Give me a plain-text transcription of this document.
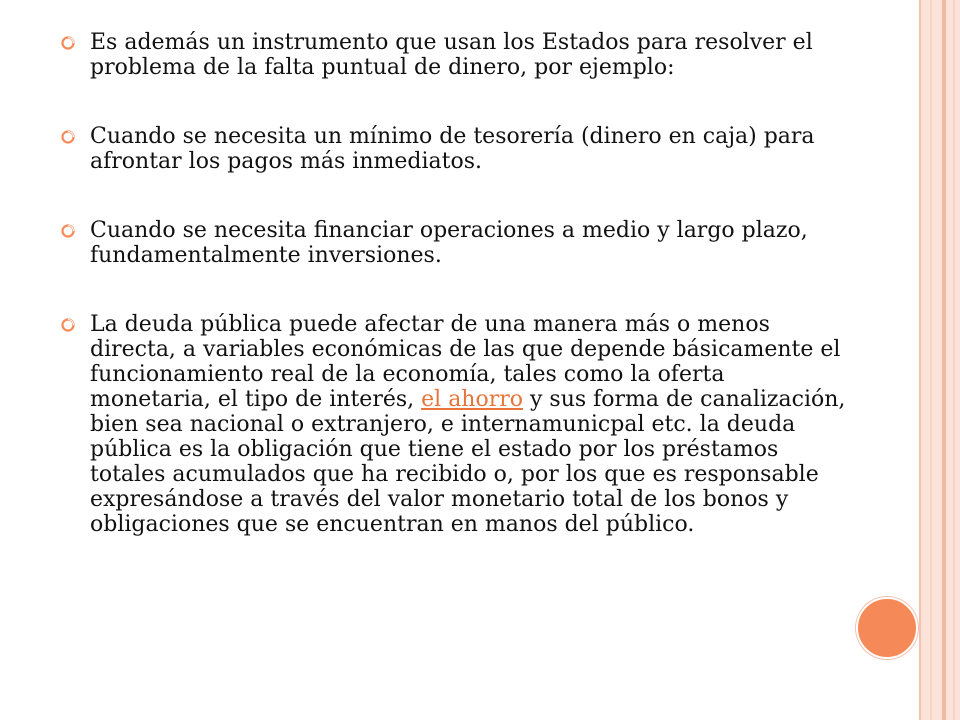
Es además un instrumento que usan los Estados para resolver el problema de la falta puntual de dinero, por ejemplo:
Cuando se necesita un mínimo de tesorería (dinero en caja) para afrontar los pagos más inmediatos.
Cuando se necesita financiar operaciones a medio y largo plazo, fundamentalmente inversiones.
La deuda pública puede afectar de una manera más o menos directa, a variables económicas de las que depende básicamente el funcionamiento real de la economía, tales como la oferta monetaria, el tipo de interés, el ahorro y sus forma de canalización, bien sea nacional o extranjero, e internamunicpal etc. la deuda pública es la obligación que tiene el estado por los préstamos totales acumulados que ha recibido o, por los que es responsable expresándose a través del valor monetario total de los bonos y obligaciones que se encuentran en manos del público.
